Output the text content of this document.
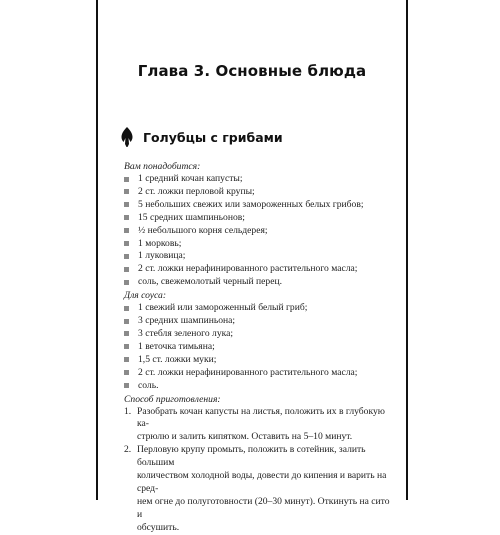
Глава 3. Основные блюда
Голубцы с грибами

Вам понадобится:

1 средний кочан капусты;
2 ст. ложки перловой крупы;
5 небольших свежих или замороженных белых грибов;
15 средних шампиньонов;
½ небольшого корня сельдерея;
1 морковь;
1 луковица;
2 ст. ложки нерафинированного растительного масла;
соль, свежемолотый черный перец.

Для соуса:

1 свежий или замороженный белый гриб;
3 средних шампиньона;
3 стебля зеленого лука;
1 веточка тимьяна;
1,5 ст. ложки муки;
2 ст. ложки нерафинированного растительного масла;
соль.

Способ приготовления:

1. Разобрать кочан капусты на листья, положить их в глубокую ка-
стрюлю и залить кипятком. Оставить на 5–10 минут.
2. Перловую крупу промыть, положить в сотейник, залить большим
количеством холодной воды, довести до кипения и варить на сред-
нем огне до полуготовности (20–30 минут). Откинуть на сито и
обсушить.
